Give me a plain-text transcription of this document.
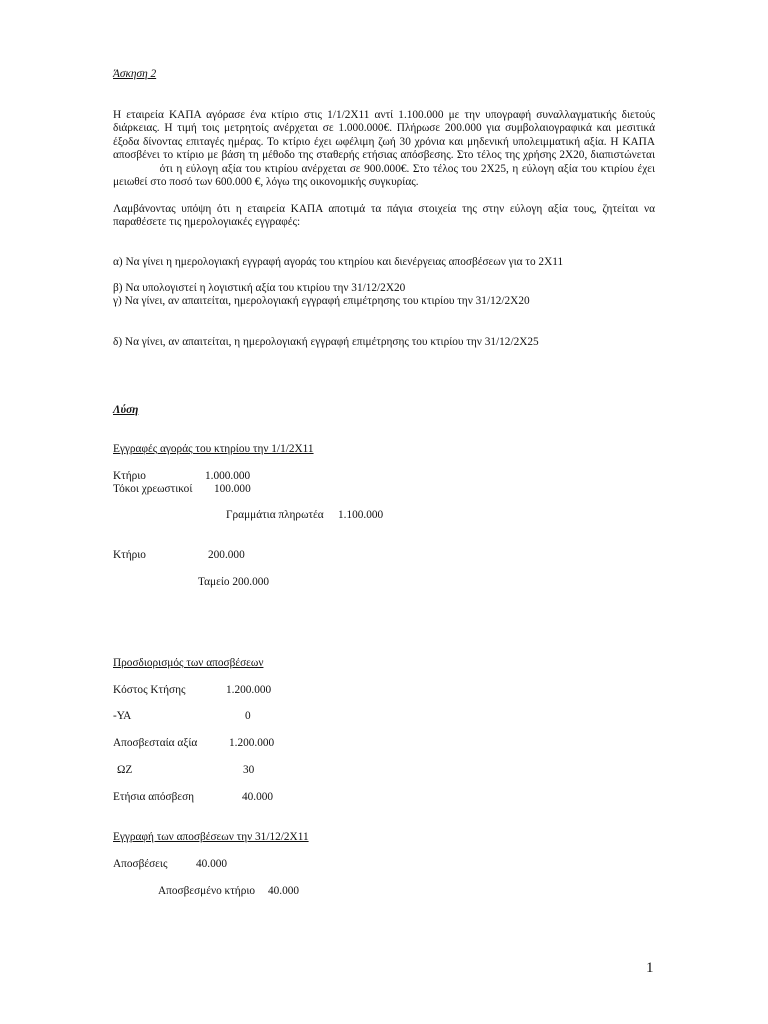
Άσκηση 2
Η εταιρεία ΚΑΠΑ αγόρασε ένα κτίριο στις 1/1/2Χ11 αντί 1.100.000 με την υπογραφή συναλλαγματικής διετούς
διάρκειας. Η τιμή τοις μετρητοίς ανέρχεται σε 1.000.000€. Πλήρωσε 200.000 για συμβολαιογραφικά και μεσιτικά
έξοδα δίνοντας επιταγές ημέρας. Το κτίριο έχει ωφέλιμη ζωή 30 χρόνια και μηδενική υπολειμματική αξία. Η ΚΑΠΑ
αποσβένει το κτίριο με βάση τη μέθοδο της σταθερής ετήσιας απόσβεσης. Στο τέλος της χρήσης 2Χ20, διαπιστώνεται
ότι η εύλογη αξία του κτιρίου ανέρχεται σε 900.000€. Στο τέλος του 2Χ25, η εύλογη αξία του κτιρίου έχει
μειωθεί στο ποσό των 600.000 €, λόγω της οικονομικής συγκυρίας.
Λαμβάνοντας υπόψη ότι η εταιρεία ΚΑΠΑ αποτιμά τα πάγια στοιχεία της στην εύλογη αξία τους, ζητείται να
παραθέσετε τις ημερολογιακές εγγραφές:
α) Να γίνει η ημερολογιακή εγγραφή αγοράς του κτηρίου και διενέργειας αποσβέσεων για το 2Χ11
β) Να υπολογιστεί η λογιστική αξία του κτιρίου την 31/12/2Χ20
γ) Να γίνει, αν απαιτείται, ημερολογιακή εγγραφή επιμέτρησης του κτιρίου την 31/12/2Χ20
δ) Να γίνει, αν απαιτείται, η ημερολογιακή εγγραφή επιμέτρησης του κτιρίου την 31/12/2Χ25
Λύση
Εγγραφές αγοράς του κτηρίου την 1/1/2Χ11
Κτήριο	1.000.000
Τόκοι χρεωστικοί 100.000
Γραμμάτια πληρωτέα 1.100.000
Κτήριο	200.000
Ταμείο 200.000
Προσδιορισμός των αποσβέσεων
Κόστος Κτήσης	1.200.000
-ΥΑ	0
Αποσβεσταία αξία	1.200.000
ΩΖ	30
Ετήσια απόσβεση	40.000
Εγγραφή των αποσβέσεων την 31/12/2Χ11
Αποσβέσεις	40.000
Αποσβεσμένο κτήριο 40.000
1
